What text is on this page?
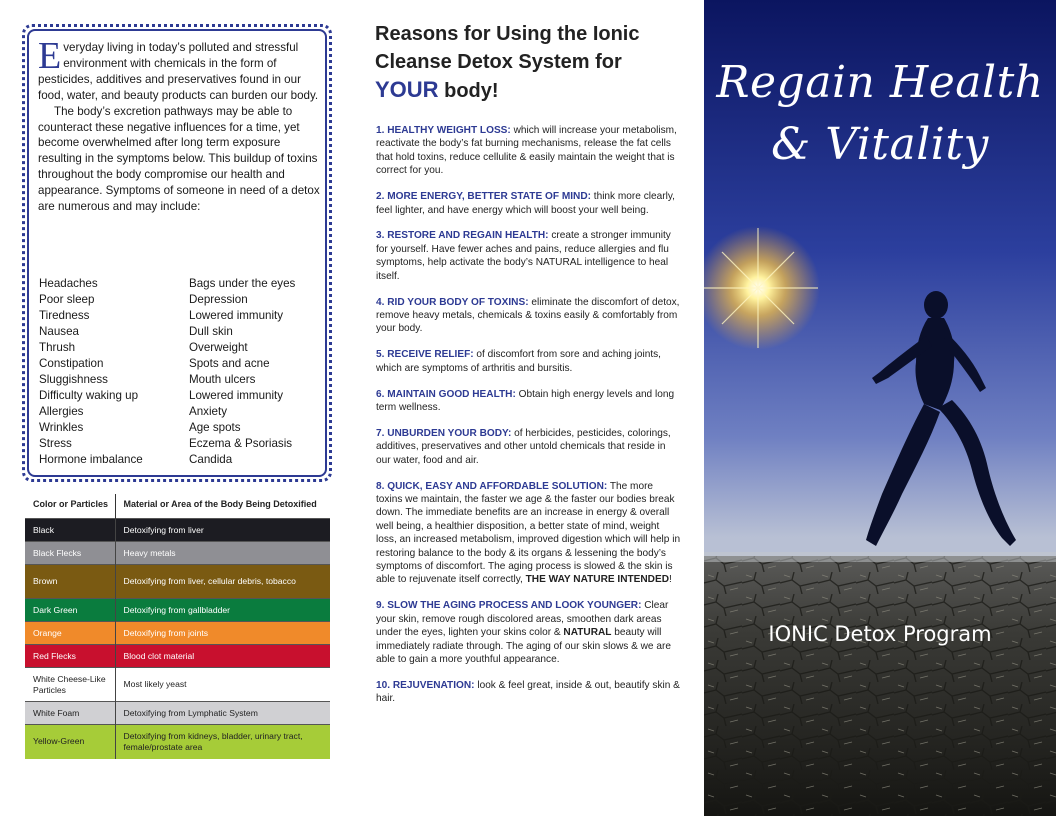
Everyday living in today’s polluted and stressful environment with chemicals in the form of pesticides, additives and preservatives found in our food, water, and beauty products can burden our body.

The body’s excretion pathways may be able to counteract these negative influences for a time, yet become overwhelmed after long term exposure resulting in the symptoms below. This buildup of toxins throughout the body compromise our health and appearance. Symptoms of someone in need of a detox are numerous and may include:

Headaches	Bags under the eyes
Poor sleep	Depression
Tiredness	Lowered immunity
Nausea	Dull skin
Thrush	Overweight
Constipation	Spots and acne
Sluggishness	Mouth ulcers
Difficulty waking up	Lowered immunity
Allergies	Anxiety
Wrinkles	Age spots
Stress	Eczema & Psoriasis
Hormone imbalance	Candida
Color or Particles	Material or Area of the Body Being Detoxified
Black	Detoxifying from liver
Black Flecks	Heavy metals
Brown	Detoxifying from liver, cellular debris, tobacco
Dark Green	Detoxifying from gallbladder
Orange	Detoxifying from joints
Red Flecks	Blood clot material
White Cheese-Like Particles	Most likely yeast
White Foam	Detoxifying from Lymphatic System
Yellow-Green	Detoxifying from kidneys, bladder, urinary tract, female/prostate area
Reasons for Using the Ionic
Cleanse Detox System for
YOUR body!
1. HEALTHY WEIGHT LOSS: which will increase your metabolism, reactivate the body’s fat burning mechanisms, release the fat cells that hold toxins, reduce cellulite & easily maintain the weight that is correct for you.
2. MORE ENERGY, BETTER STATE OF MIND: think more clearly, feel lighter, and have energy which will boost your well being.
3. RESTORE AND REGAIN HEALTH: create a stronger immunity for yourself. Have fewer aches and pains, reduce allergies and flu symptoms, help activate the body’s NATURAL intelligence to heal itself.
4. RID YOUR BODY OF TOXINS: eliminate the discomfort of detox, remove heavy metals, chemicals & toxins easily & comfortably from your body.
5. RECEIVE RELIEF: of discomfort from sore and aching joints, which are symptoms of arthritis and bursitis.
6. MAINTAIN GOOD HEALTH: Obtain high energy levels and long term wellness.
7. UNBURDEN YOUR BODY: of herbicides, pesticides, colorings, additives, preservatives and other untold chemicals that reside in our water, food and air.
8. QUICK, EASY AND AFFORDABLE SOLUTION: The more toxins we maintain, the faster we age & the faster our bodies break down. The immediate benefits are an increase in energy & overall well being, a healthier disposition, a better state of mind, weight loss, an increased metabolism, improved digestion which will help in restoring balance to the body & its organs & lessening the body’s symptoms of discomfort. The aging process is slowed & the skin is able to rejuvenate itself correctly, THE WAY NATURE INTENDED!
9. SLOW THE AGING PROCESS AND LOOK YOUNGER: Clear your skin, remove rough discolored areas, smoothen dark areas under the eyes, lighten your skins color & NATURAL beauty will immediately radiate through. The aging of our skin slows & we are able to gain a more youthful appearance.
10. REJUVENATION: look & feel great, inside & out, beautify skin & hair.
Regain Health
& Vitality
IONIC Detox Program
